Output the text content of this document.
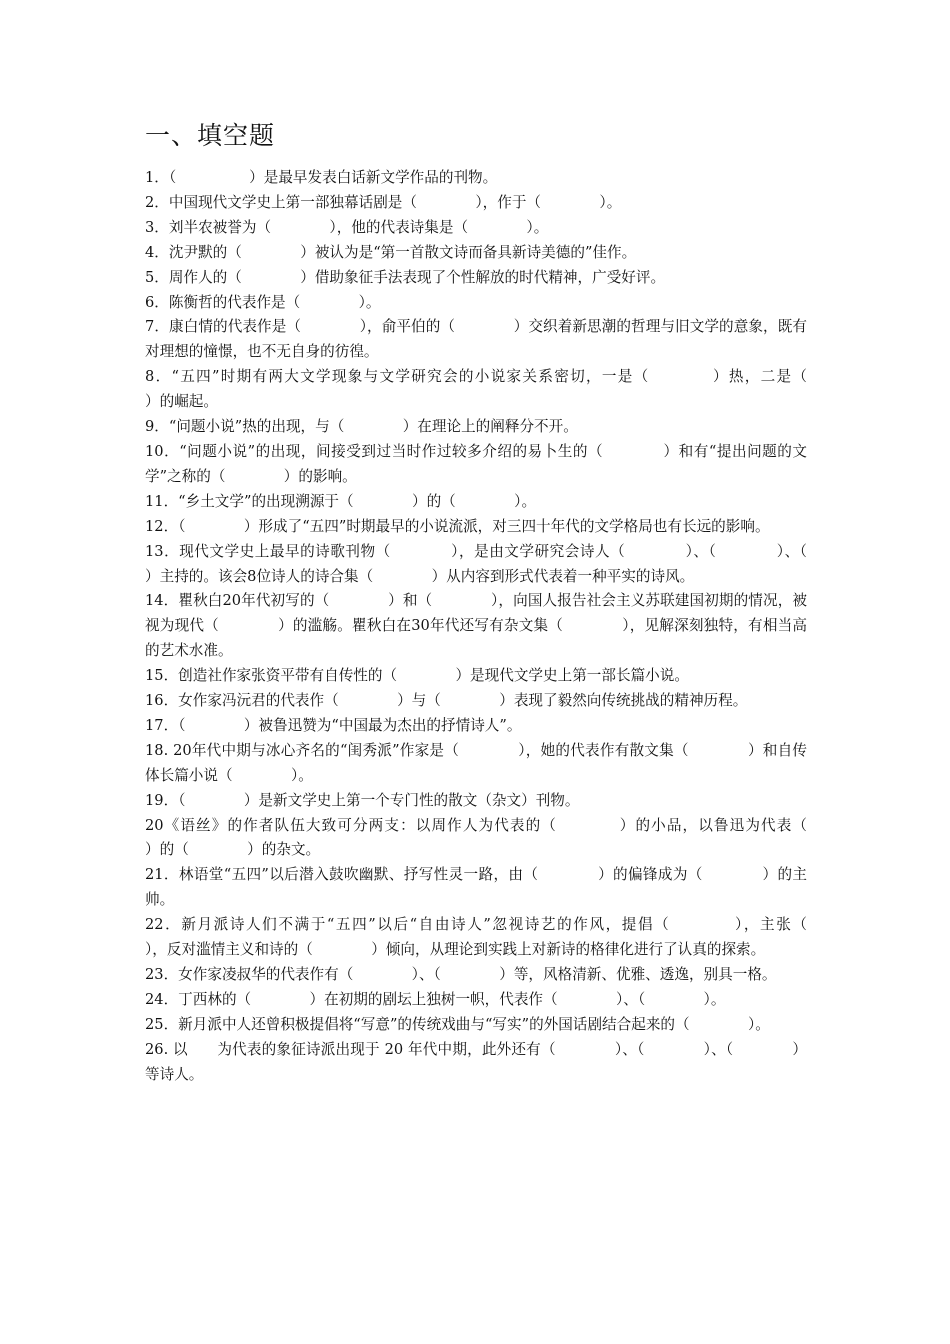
一、填空题

1．（　　　　　）是最早发表白话新文学作品的刊物。

2．中国现代文学史上第一部独幕话剧是（　　　　），作于（　　　　）。

3．刘半农被誉为（　　　　），他的代表诗集是（　　　　）。

4．沈尹默的（　　　　）被认为是“第一首散文诗而备具新诗美德的”佳作。

5．周作人的（　　　　）借助象征手法表现了个性解放的时代精神，广受好评。

6．陈衡哲的代表作是（　　　　）。

7．康白情的代表作是（　　　　），俞平伯的（　　　　）交织着新思潮的哲理与旧文学的意象，既有对理想的憧憬，也不无自身的彷徨。

8．“五四”时期有两大文学现象与文学研究会的小说家关系密切，一是（　　　　）热，二是（　　　　）的崛起。

9．“问题小说”热的出现，与（　　　　）在理论上的阐释分不开。

10．“问题小说”的出现，间接受到过当时作过较多介绍的易卜生的（　　　　）和有“提出问题的文学”之称的（　　　　）的影响。

11．“乡土文学”的出现溯源于（　　　　）的（　　　　）。

12．（　　　　）形成了“五四”时期最早的小说流派，对三四十年代的文学格局也有长远的影响。

13．现代文学史上最早的诗歌刊物（　　　　），是由文学研究会诗人（　　　　）、（　　　　）、（　　　　）主持的。该会8位诗人的诗合集（　　　　）从内容到形式代表着一种平实的诗风。

14．瞿秋白20年代初写的（　　　　）和（　　　　），向国人报告社会主义苏联建国初期的情况，被视为现代（　　　　）的滥觞。瞿秋白在30年代还写有杂文集（　　　　），见解深刻独特，有相当高的艺术水准。

15．创造社作家张资平带有自传性的（　　　　）是现代文学史上第一部长篇小说。

16．女作家冯沅君的代表作（　　　　）与（　　　　）表现了毅然向传统挑战的精神历程。

17．（　　　　）被鲁迅赞为“中国最为杰出的抒情诗人”。

18. 20年代中期与冰心齐名的“闺秀派”作家是（　　　　），她的代表作有散文集（　　　　）和自传体长篇小说（　　　　）。

19．（　　　　）是新文学史上第一个专门性的散文（杂文）刊物。

20《语丝》的作者队伍大致可分两支：以周作人为代表的（　　　　）的小品，以鲁迅为代表（　　　　）的（　　　　）的杂文。

21．林语堂“五四”以后潜入鼓吹幽默、抒写性灵一路，由（　　　　）的偏锋成为（　　　　）的主帅。

22．新月派诗人们不满于“五四”以后“自由诗人”忽视诗艺的作风，提倡（　　　　），主张（　　　　），反对滥情主义和诗的（　　　　）倾向，从理论到实践上对新诗的格律化进行了认真的探索。

23．女作家凌叔华的代表作有（　　　　）、（　　　　）等，风格清新、优雅、透逸，别具一格。

24．丁西林的（　　　　）在初期的剧坛上独树一帜，代表作（　　　　）、（　　　　）。

25．新月派中人还曾积极提倡将“写意”的传统戏曲与“写实”的外国话剧结合起来的（　　　　）。

26. 以　　为代表的象征诗派出现于 20 年代中期，此外还有（　　　　）、（　　　　）、（　　　　）等诗人。
